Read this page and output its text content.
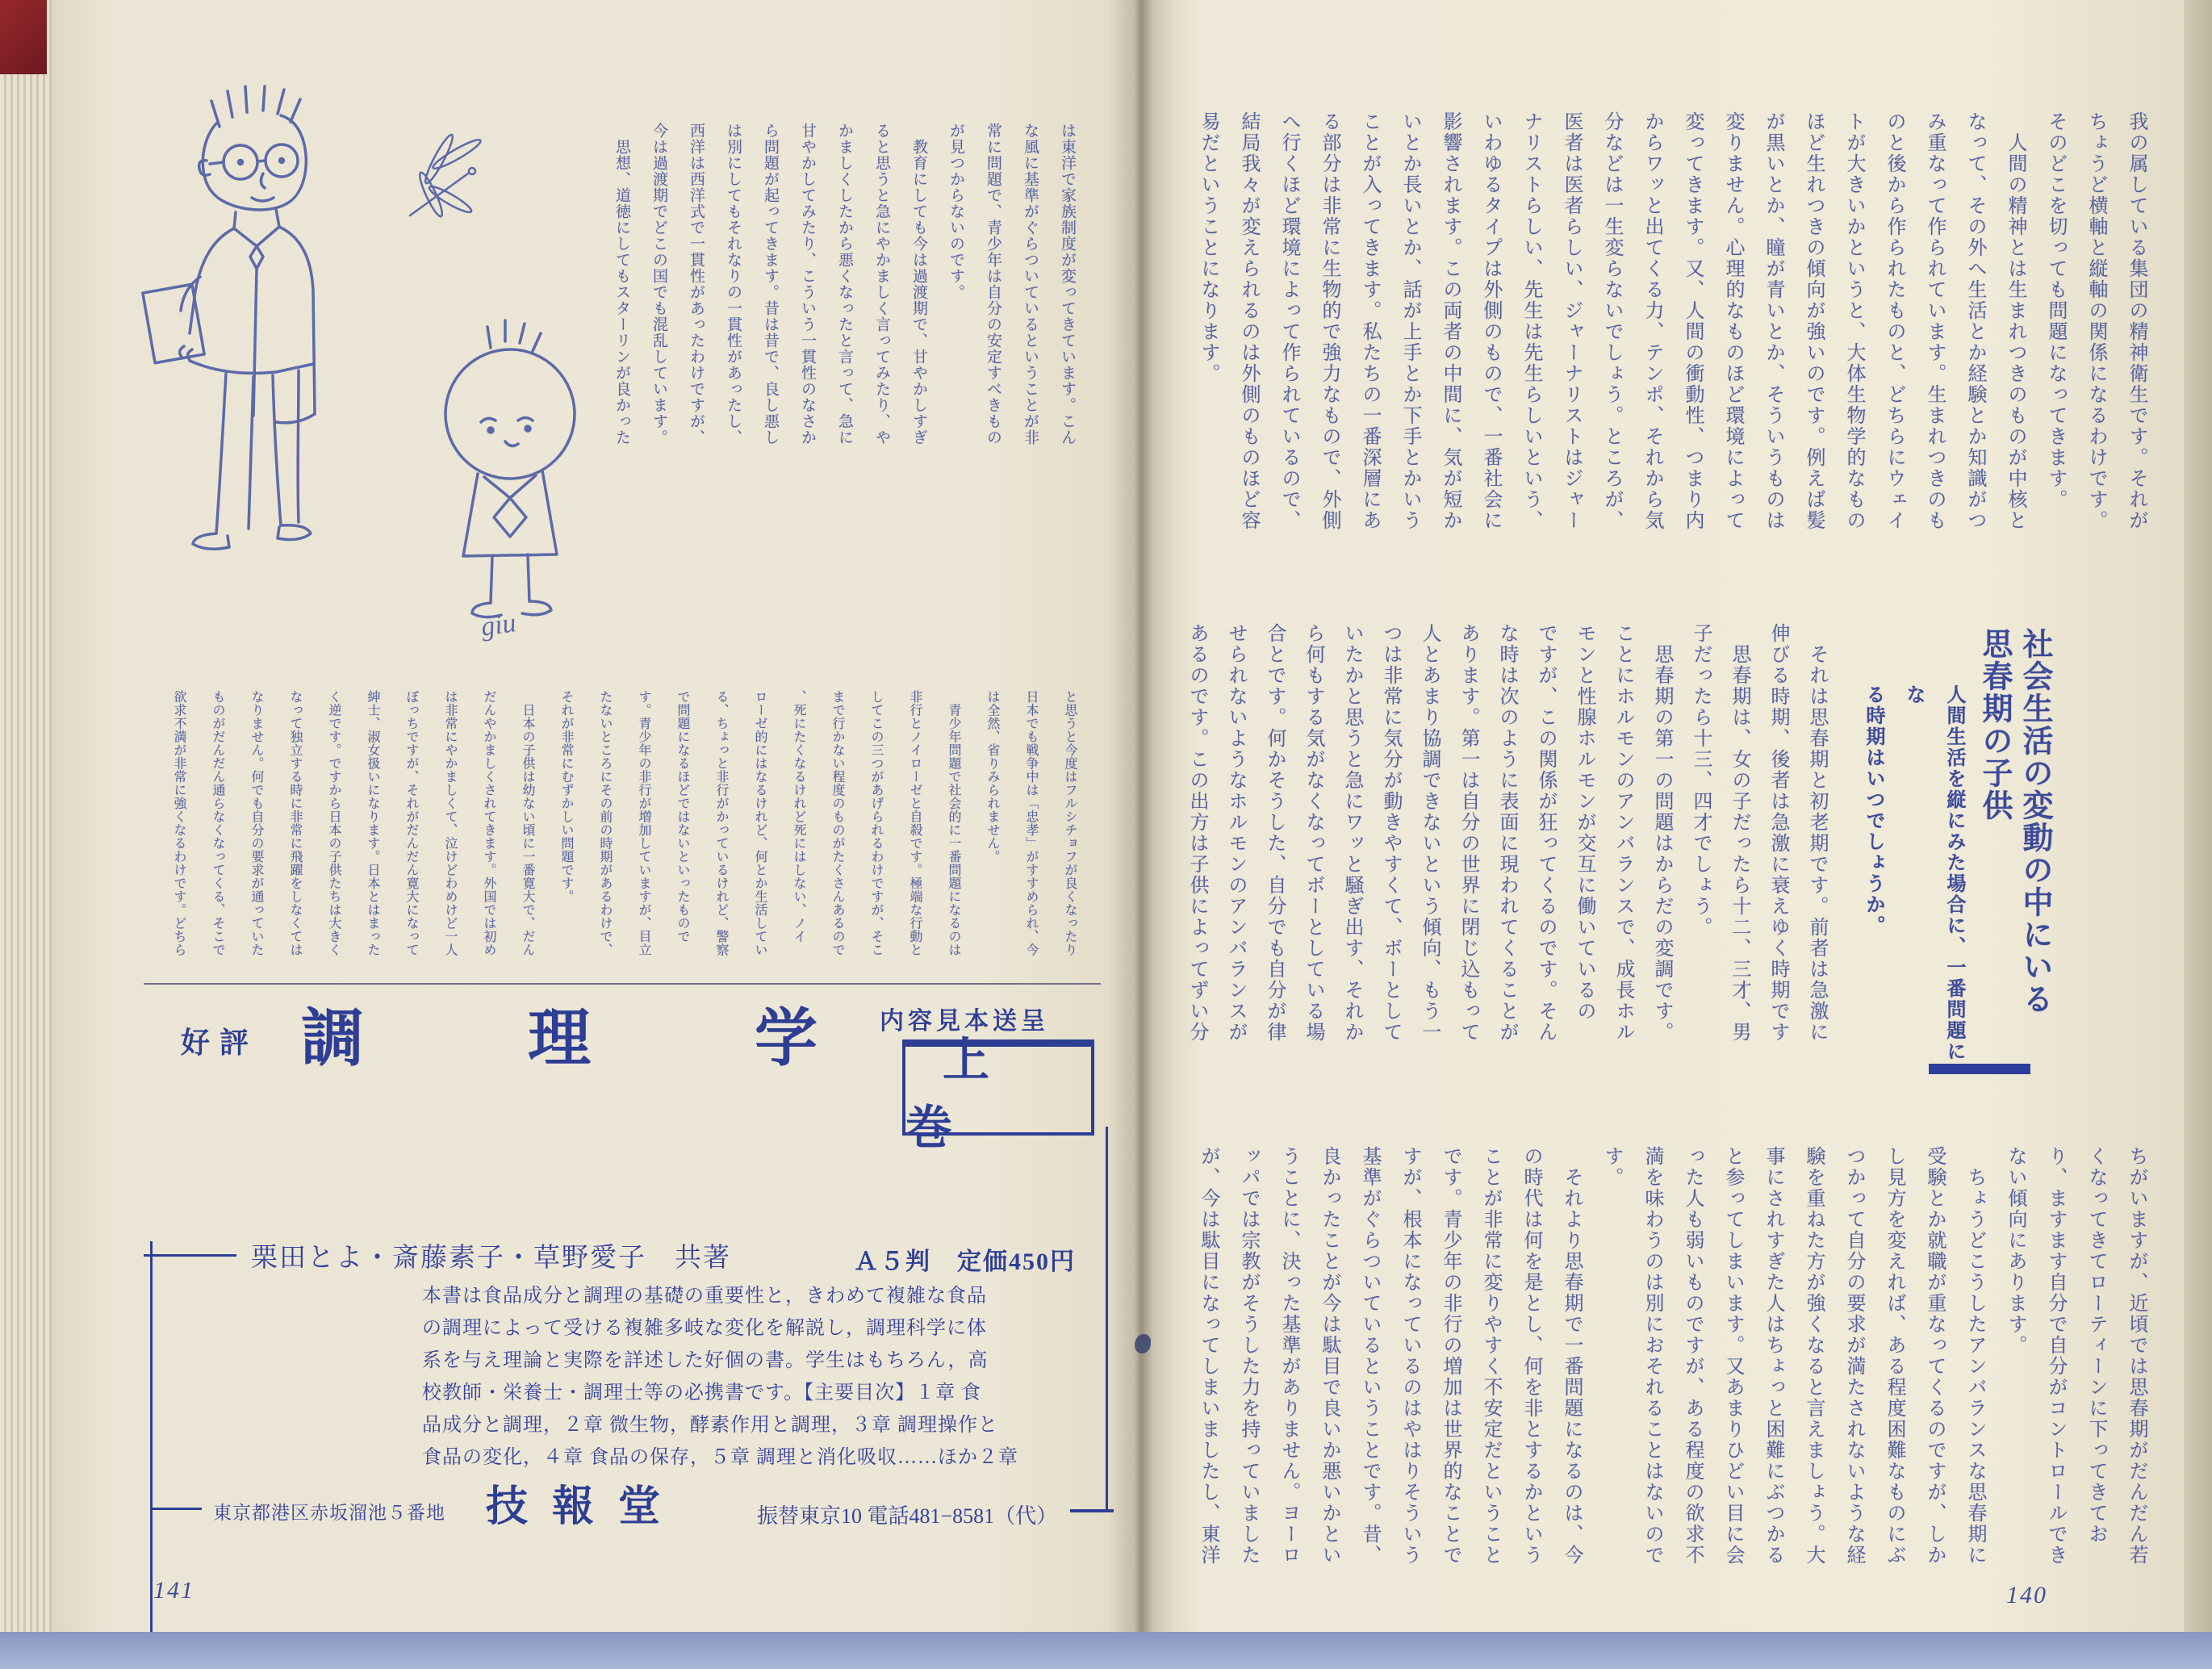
giu
は東洋で家族制度が変ってきています。こん
な風に基準がぐらついているということが非
常に問題で、青少年は自分の安定すべきもの
が見つからないのです。
　教育にしても今は過渡期で、甘やかしすぎ
ると思うと急にやかましく言ってみたり、や
かましくしたから悪くなったと言って、急に
甘やかしてみたり、こういう一貫性のなさか
ら問題が起ってきます。昔は昔で、良し悪し
は別にしてもそれなりの一貫性があったし、
西洋は西洋式で一貫性があったわけですが、
今は過渡期でどこの国でも混乱しています。
　思想、道徳にしてもスターリンが良かった
と思うと今度はフルシチョフが良くなったり
日本でも戦争中は「忠孝」がすすめられ、今
は全然、省りみられません。
　青少年問題で社会的に一番問題になるのは
非行とノイローゼと自殺です。極端な行動と
してこの三つがあげられるわけですが、そこ
まで行かない程度のものがたくさんあるので
、死にたくなるけれど死にはしない、ノイ
ローゼ的にはなるけれど、何とか生活してい
る、ちょっと非行がかっているけれど、警察
で問題になるほどではないといったもので
す。青少年の非行が増加していますが、目立
たないところにその前の時期があるわけで、
それが非常にむずかしい問題です。
　日本の子供は幼ない頃に一番寛大で、だん
だんやかましくされてきます。外国では初め
は非常にやかましくて、泣けどわめけど一人
ぼっちですが、それがだんだん寛大になって
紳士、淑女扱いになります。日本とはまった
く逆です。ですから日本の子供たちは大きく
なって独立する時に非常に飛躍をしなくては
なりません。何でも自分の要求が通っていた
ものがだんだん通らなくなってくる、そこで
欲求不満が非常に強くなるわけです。どちら
好評 調	理	学	内容見本送呈
上巻
栗田とよ・斎藤素子・草野愛子　共著	Ａ５判　定価450円
本書は食品成分と調理の基礎の重要性と，きわめて複雑な食品
の調理によって受ける複雑多岐な変化を解説し，調理科学に体
系を与え理論と実際を詳述した好個の書。学生はもちろん，高
校教師・栄養士・調理士等の必携書です。【主要目次】１章 食
品成分と調理，２章 微生物，酵素作用と調理，３章 調理操作と
食品の変化，４章 食品の保存，５章 調理と消化吸収……ほか２章
東京都港区赤坂溜池５番地 技報堂	振替東京10 電話481−8581（代）
141
我の属している集団の精神衛生です。それが
ちょうど横軸と縦軸の関係になるわけです。
そのどこを切っても問題になってきます。
　人間の精神とは生まれつきのものが中核と
なって、その外へ生活とか経験とか知識がつ
み重なって作られています。生まれつきのも
のと後から作られたものと、どちらにウェイ
トが大きいかというと、大体生物学的なもの
ほど生れつきの傾向が強いのです。例えば髪
が黒いとか、瞳が青いとか、そういうものは
変りません。心理的なものほど環境によって
変ってきます。又、人間の衝動性、つまり内
からワッと出てくる力、テンポ、それから気
分などは一生変らないでしょう。ところが、
医者は医者らしい、ジャーナリストはジャー
ナリストらしい、先生は先生らしいという、
いわゆるタイプは外側のもので、一番社会に
影響されます。この両者の中間に、気が短か
いとか長いとか、話が上手とか下手とかいう
ことが入ってきます。私たちの一番深層にあ
る部分は非常に生物的で強力なもので、外側
へ行くほど環境によって作られているので、
結局我々が変えられるのは外側のものほど容
易だということになります。
社会生活の変動の中にいる
思春期の子供
人間生活を縦にみた場合に、一番問題にな
る時期はいつでしょうか。
　それは思春期と初老期です。前者は急激に
伸びる時期、後者は急激に衰えゆく時期です
　思春期は、女の子だったら十二、三才、男
子だったら十三、四才でしょう。
　思春期の第一の問題はからだの変調です。
ことにホルモンのアンバランスで、成長ホル
モンと性腺ホルモンが交互に働いているの
ですが、この関係が狂ってくるのです。そん
な時は次のように表面に現われてくることが
あります。第一は自分の世界に閉じ込もって
人とあまり協調できないという傾向、もう一
つは非常に気分が動きやすくて、ボーとして
いたかと思うと急にワッと騒ぎ出す、それか
ら何もする気がなくなってボーとしている場
合とです。何かそうした、自分でも自分が律
せられないようなホルモンのアンバランスが
あるのです。この出方は子供によってずい分
ちがいますが、近頃では思春期がだんだん若
くなってきてローティーンに下ってきてお
り、ますます自分で自分がコントロールでき
ない傾向にあります。
　ちょうどこうしたアンバランスな思春期に
受験とか就職が重なってくるのですが、しか
し見方を変えれば、ある程度困難なものにぶ
つかって自分の要求が満たされないような経
験を重ねた方が強くなると言えましょう。大
事にされすぎた人はちょっと困難にぶつかる
と参ってしまいます。又あまりひどい目に会
った人も弱いものですが、ある程度の欲求不
満を味わうのは別におそれることはないので
す。
　それより思春期で一番問題になるのは、今
の時代は何を是とし、何を非とするかという
ことが非常に変りやすく不安定だということ
です。青少年の非行の増加は世界的なことで
すが、根本になっているのはやはりそういう
基準がぐらついているということです。昔、
良かったことが今は駄目で良いか悪いかとい
うことに、決った基準がありません。ヨーロ
ッパでは宗教がそうした力を持っていました
が、今は駄目になってしまいましたし、東洋
140
